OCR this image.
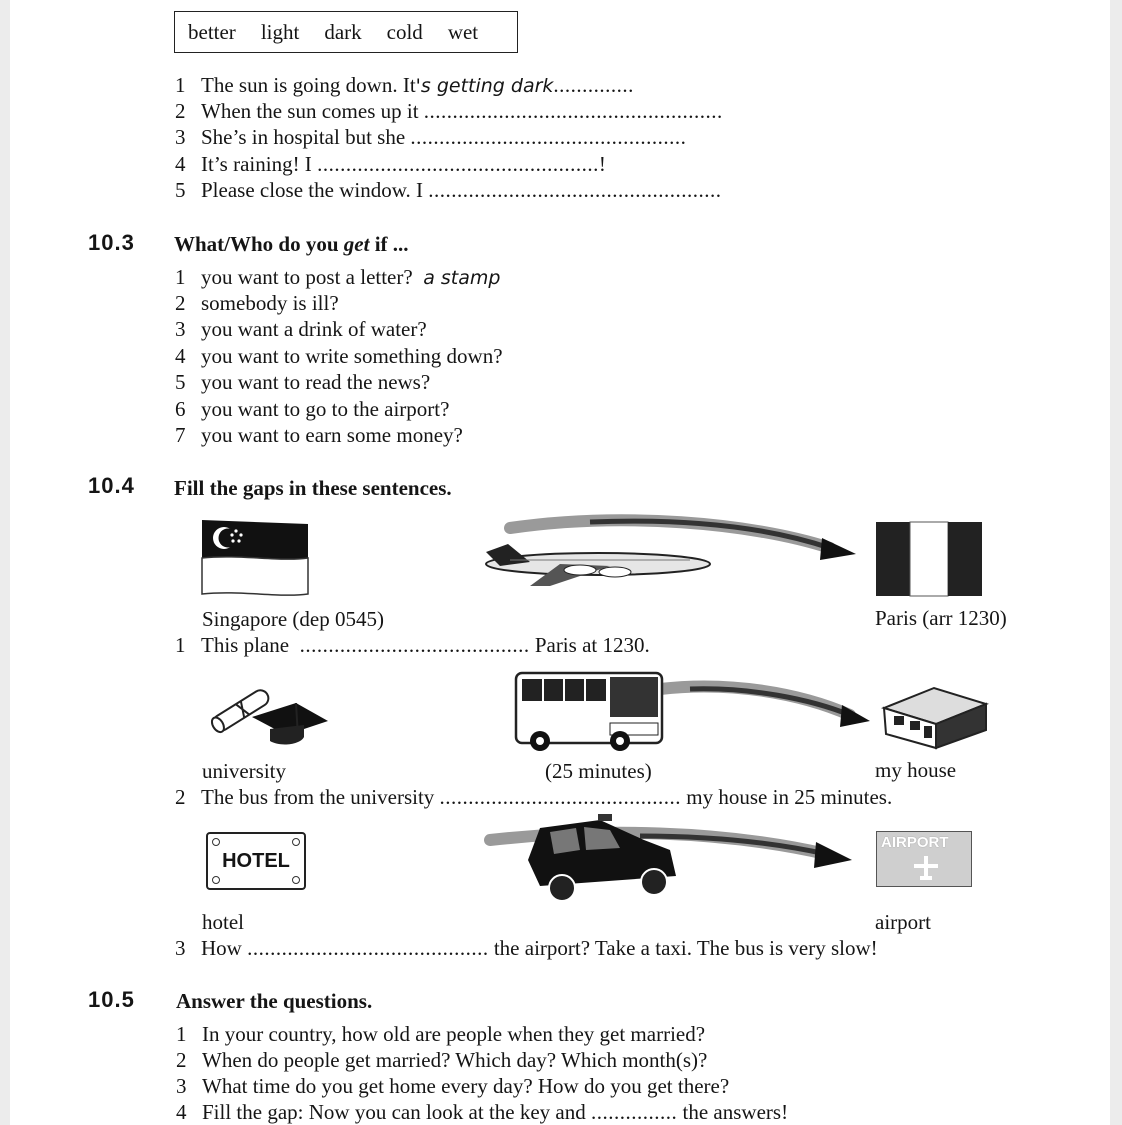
better light dark cold wet
1 The sun is going down. It's getting dark..............
2 When the sun comes up it ....................................................
3 She’s in hospital but she ................................................
4 It’s raining! I .................................................!
5 Please close the window. I ...................................................
10.3 What/Who do you get if ...
1 you want to post a letter? a stamp
2 somebody is ill?
3 you want a drink of water?
4 you want to write something down?
5 you want to read the news?
6 you want to go to the airport?
7 you want to earn some money?
10.4 Fill the gaps in these sentences.
Singapore (dep 0545)	Paris (arr 1230)
1 This plane ........................................ Paris at 1230.
university	(25 minutes)	my house
2 The bus from the university .......................................... my house in 25 minutes.
HOTEL
AIRPORT
hotel	airport
3 How .......................................... the airport? Take a taxi. The bus is very slow!
10.5 Answer the questions.
1 In your country, how old are people when they get married?
2 When do people get married? Which day? Which month(s)?
3 What time do you get home every day? How do you get there?
4 Fill the gap: Now you can look at the key and ............... the answers!
